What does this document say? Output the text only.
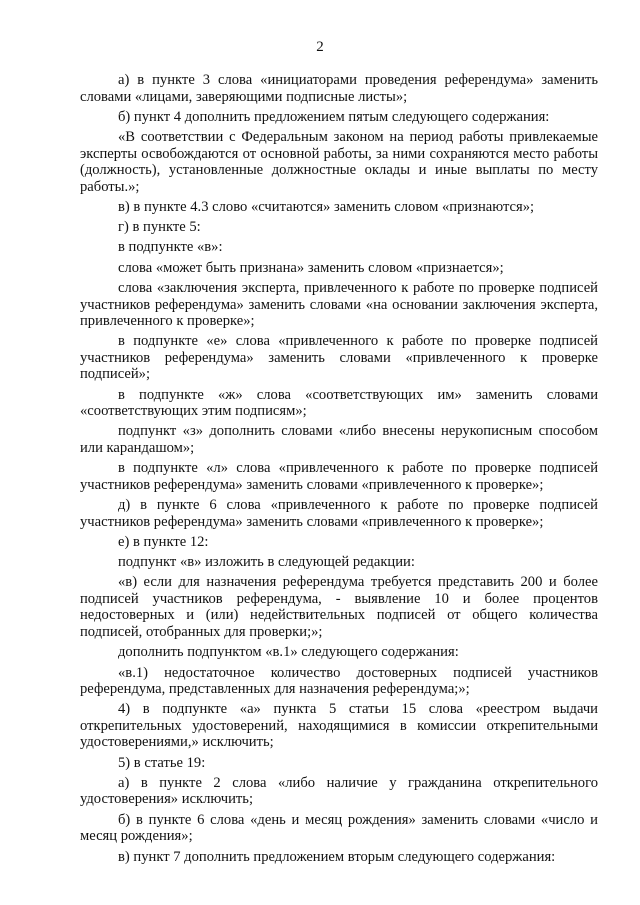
2

а) в пункте 3 слова «инициаторами проведения референдума» заменить словами «лицами, заверяющими подписные листы»;

б) пункт 4 дополнить предложением пятым следующего содержания:

«В соответствии с Федеральным законом на период работы привлекаемые эксперты освобождаются от основной работы, за ними сохраняются место работы (должность), установленные должностные оклады и иные выплаты по месту работы.»;

в) в пункте 4.3 слово «считаются» заменить словом «признаются»;

г) в пункте 5:

в подпункте «в»:

слова «может быть признана» заменить словом «признается»;

слова «заключения эксперта, привлеченного к работе по проверке подписей участников референдума» заменить словами «на основании заключения эксперта, привлеченного к проверке»;

в подпункте «е» слова «привлеченного к работе по проверке подписей участников референдума» заменить словами «привлеченного к проверке подписей»;

в подпункте «ж» слова «соответствующих им» заменить словами «соответствующих этим подписям»;

подпункт «з» дополнить словами «либо внесены нерукописным способом или карандашом»;

в подпункте «л» слова «привлеченного к работе по проверке подписей участников референдума» заменить словами «привлеченного к проверке»;

д) в пункте 6 слова «привлеченного к работе по проверке подписей участников референдума» заменить словами «привлеченного к проверке»;

е) в пункте 12:

подпункт «в» изложить в следующей редакции:

«в) если для назначения референдума требуется представить 200 и более подписей участников референдума, - выявление 10 и более процентов недостоверных и (или) недействительных подписей от общего количества подписей, отобранных для проверки;»;

дополнить подпунктом «в.1» следующего содержания:

«в.1) недостаточное количество достоверных подписей участников референдума, представленных для назначения референдума;»;

4) в подпункте «а» пункта 5 статьи 15 слова «реестром выдачи открепительных удостоверений, находящимися в комиссии открепительными удостоверениями,» исключить;

5) в статье 19:

а) в пункте 2 слова «либо наличие у гражданина открепительного удостоверения» исключить;

б) в пункте 6 слова «день и месяц рождения» заменить словами «число и месяц рождения»;

в) пункт 7 дополнить предложением вторым следующего содержания:
